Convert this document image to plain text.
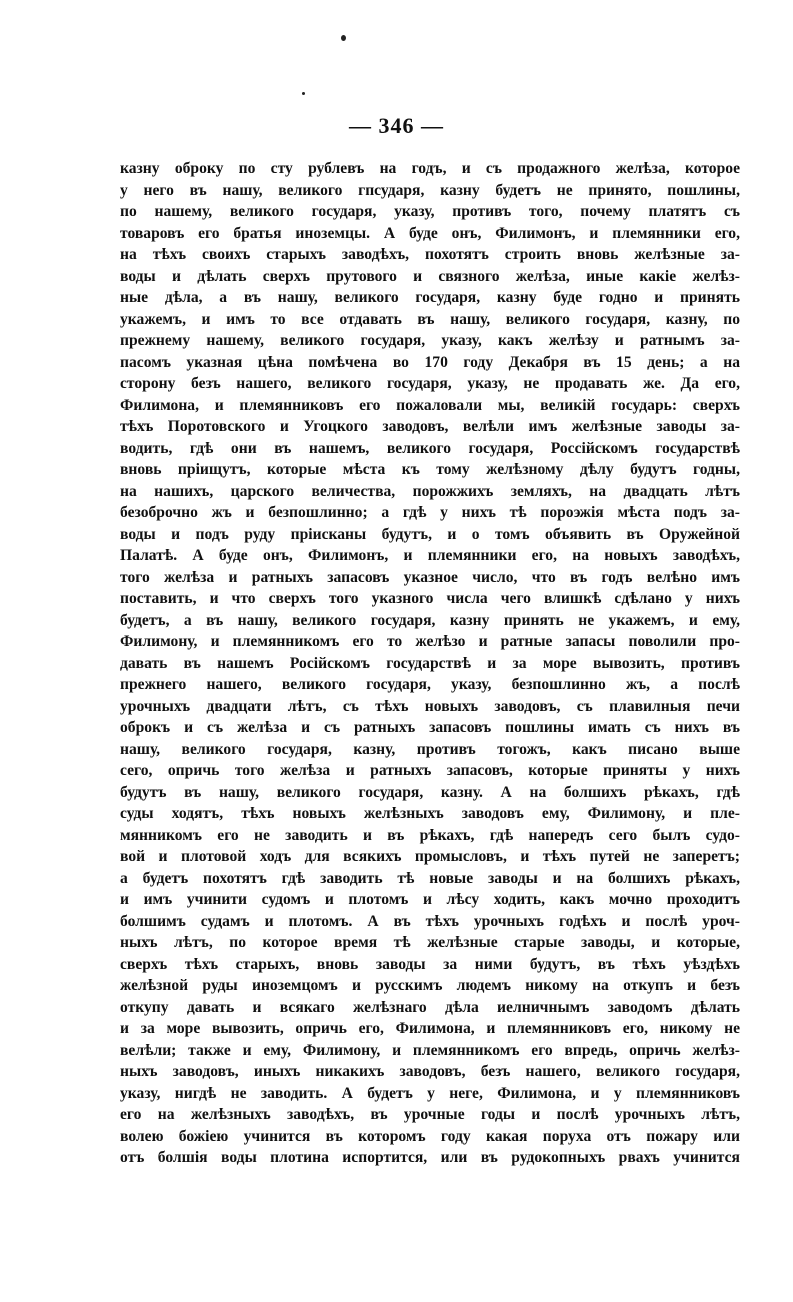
— 346 —
казну оброку по сту рублевъ на годъ, и съ продажного желѣза, которое
у него въ нашу, великого гпсударя, казну будетъ не принято, пошлины,
по нашему, великого государя, указу, противъ того, почему платятъ съ
товаровъ его братья иноземцы. А буде онъ, Филимонъ, и племянники его,
на тѣхъ своихъ старыхъ заводѣхъ, похотятъ строить вновь желѣзные за-
воды и дѣлать сверхъ прутового и связного желѣза, иные какіе желѣз-
ные дѣла, а въ нашу, великого государя, казну буде годно и принять
укажемъ, и имъ то все отдавать въ нашу, великого государя, казну, по
прежнему нашему, великого государя, указу, какъ желѣзу и ратнымъ за-
пасомъ указная цѣна помѣчена во 170 году Декабря въ 15 день; а на
сторону безъ нашего, великого государя, указу, не продавать же. Да его,
Филимона, и племянниковъ его пожаловали мы, великій государь: сверхъ
тѣхъ Поротовского и Угоцкого заводовъ, велѣли имъ желѣзные заводы за-
водить, гдѣ они въ нашемъ, великого государя, Россійскомъ государствѣ
вновь пріищутъ, которые мѣста къ тому желѣзному дѣлу будутъ годны,
на нашихъ, царского величества, порожжихъ земляхъ, на двадцать лѣтъ
безоброчно жъ и безпошлинно; а гдѣ у нихъ тѣ пороэжія мѣста подъ за-
воды и подъ руду пріисканы будутъ, и о томъ объявить въ Оружейной
Палатѣ. А буде онъ, Филимонъ, и племянники его, на новыхъ заводѣхъ,
того желѣза и ратныхъ запасовъ указное число, что въ годъ велѣно имъ
поставить, и что сверхъ того указного числа чего влишкѣ сдѣлано у нихъ
будетъ, а въ нашу, великого государя, казну принять не укажемъ, и ему,
Филимону, и племянникомъ его то желѣзо и ратные запасы поволили про-
давать въ нашемъ Російскомъ государствѣ и за море вывозить, противъ
прежнего нашего, великого государя, указу, безпошлинно жъ, а послѣ
урочныхъ двадцати лѣтъ, съ тѣхъ новыхъ заводовъ, съ плавилныя печи
оброкъ и съ желѣза и съ ратныхъ запасовъ пошлины имать съ нихъ въ
нашу, великого государя, казну, противъ тогожъ, какъ писано выше
сего, опричь того желѣза и ратныхъ запасовъ, которые приняты у нихъ
будутъ въ нашу, великого государя, казну. А на болшихъ рѣкахъ, гдѣ
суды ходятъ, тѣхъ новыхъ желѣзныхъ заводовъ ему, Филимону, и пле-
мянникомъ его не заводить и въ рѣкахъ, гдѣ напередъ сего былъ судо-
вой и плотовой ходъ для всякихъ промысловъ, и тѣхъ путей не заперетъ;
а будетъ похотятъ гдѣ заводить тѣ новые заводы и на болшихъ рѣкахъ,
и имъ учинити судомъ и плотомъ и лѣсу ходить, какъ мочно проходитъ
болшимъ судамъ и плотомъ. А въ тѣхъ урочныхъ годѣхъ и послѣ уроч-
ныхъ лѣтъ, по которое время тѣ желѣзные старые заводы, и которые,
сверхъ тѣхъ старыхъ, вновь заводы за ними будутъ, въ тѣхъ уѣздѣхъ
желѣзной руды иноземцомъ и русскимъ людемъ никому на откупъ и безъ
откупу давать и всякаго желѣзнаго дѣла иелничнымъ заводомъ дѣлать
и за море вывозить, опричь его, Филимона, и племянниковъ его, никому не
велѣли; также и ему, Филимону, и племянникомъ его впредь, опричь желѣз-
ныхъ заводовъ, иныхъ никакихъ заводовъ, безъ нашего, великого государя,
указу, нигдѣ не заводить. А будетъ у неге, Филимона, и у племянниковъ
его на желѣзныхъ заводѣхъ, въ урочные годы и послѣ урочныхъ лѣтъ,
волею божіею учинится въ которомъ году какая поруха отъ пожару или
отъ болшія воды плотина испортится, или въ рудокопныхъ рвахъ учинится
